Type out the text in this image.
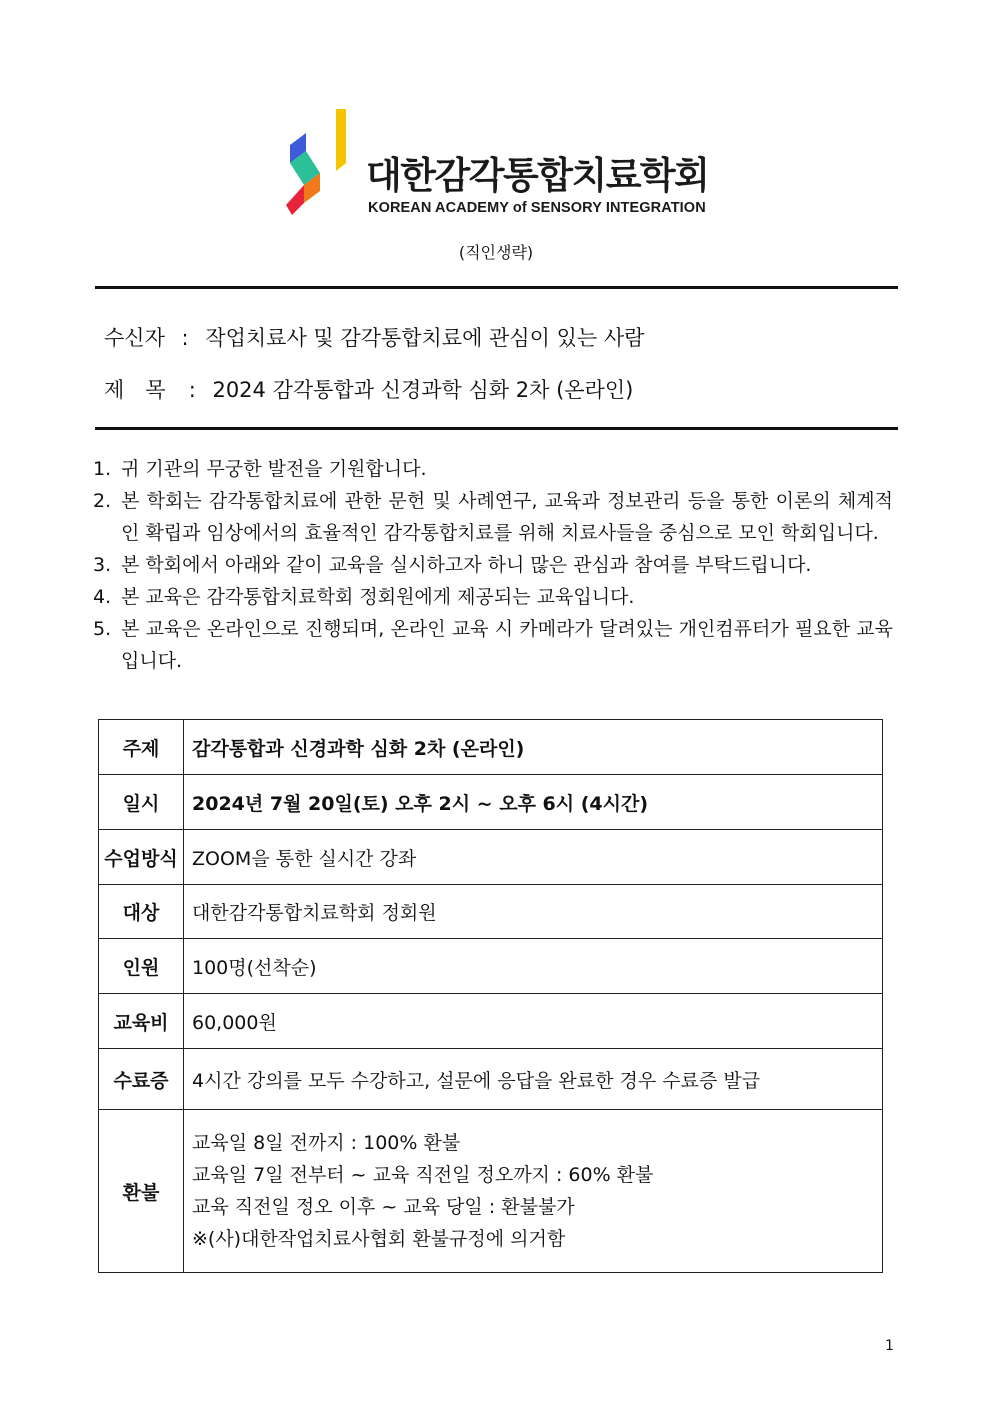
대한감각통합치료학회
KOREAN ACADEMY of SENSORY INTEGRATION
(직인생략)
수신자 : 작업치료사 및 감각통합치료에 관심이 있는 사람
제　목 : 2024 감각통합과 신경과학 심화 2차 (온라인)
1. 귀 기관의 무궁한 발전을 기원합니다.
2. 본 학회는 감각통합치료에 관한 문헌 및 사례연구, 교육과 정보관리 등을 통한 이론의 체계적인 확립과 임상에서의 효율적인 감각통합치료를 위해 치료사들을 중심으로 모인 학회입니다.
3. 본 학회에서 아래와 같이 교육을 실시하고자 하니 많은 관심과 참여를 부탁드립니다.
4. 본 교육은 감각통합치료학회 정회원에게 제공되는 교육입니다.
5. 본 교육은 온라인으로 진행되며, 온라인 교육 시 카메라가 달려있는 개인컴퓨터가 필요한 교육입니다.
주제	감각통합과 신경과학 심화 2차 (온라인)
일시	2024년 7월 20일(토) 오후 2시 ~ 오후 6시 (4시간)
수업방식	ZOOM을 통한 실시간 강좌
대상	대한감각통합치료학회 정회원
인원	100명(선착순)
교육비	60,000원
수료증	4시간 강의를 모두 수강하고, 설문에 응답을 완료한 경우 수료증 발급
환불	교육일 8일 전까지 : 100% 환불
교육일 7일 전부터 ~ 교육 직전일 정오까지 : 60% 환불
교육 직전일 정오 이후 ~ 교육 당일 : 환불불가
※(사)대한작업치료사협회 환불규정에 의거함
1
